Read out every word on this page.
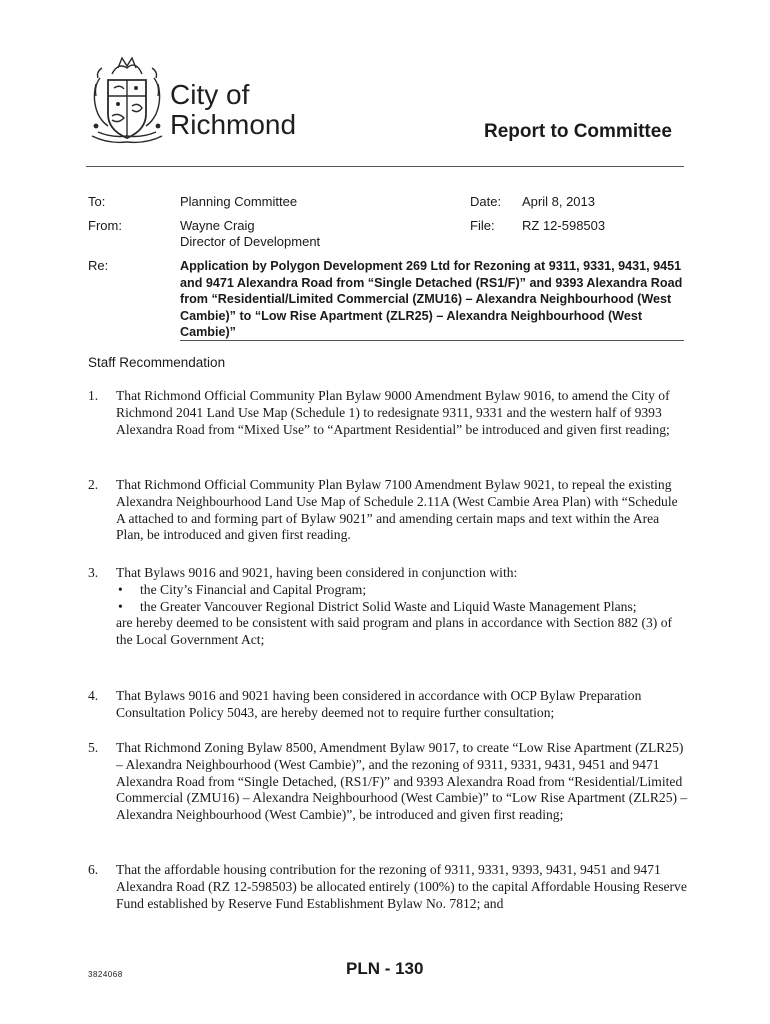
City of
Richmond	Report to Committee
To:	Planning Committee	Date: April 8, 2013
From:	Wayne Craig
Director of Development
File: RZ 12-598503
Re:	Application by Polygon Development 269 Ltd for Rezoning at 9311, 9331, 9431, 9451 and 9471 Alexandra Road from “Single Detached (RS1/F)” and 9393 Alexandra Road from “Residential/Limited Commercial (ZMU16) – Alexandra Neighbourhood (West Cambie)” to “Low Rise Apartment (ZLR25) – Alexandra Neighbourhood (West Cambie)”
Staff Recommendation
1.	That Richmond Official Community Plan Bylaw 9000 Amendment Bylaw 9016, to amend the City of Richmond 2041 Land Use Map (Schedule 1) to redesignate 9311, 9331 and the western half of 9393 Alexandra Road from “Mixed Use” to “Apartment Residential” be introduced and given first reading;
2.	That Richmond Official Community Plan Bylaw 7100 Amendment Bylaw 9021, to repeal the existing Alexandra Neighbourhood Land Use Map of Schedule 2.11A (West Cambie Area Plan) with “Schedule A attached to and forming part of Bylaw 9021” and amending certain maps and text within the Area Plan, be introduced and given first reading.
3.	That Bylaws 9016 and 9021, having been considered in conjunction with:
• the City’s Financial and Capital Program;
• the Greater Vancouver Regional District Solid Waste and Liquid Waste Management Plans;
are hereby deemed to be consistent with said program and plans in accordance with Section 882 (3) of the Local Government Act;
4.	That Bylaws 9016 and 9021 having been considered in accordance with OCP Bylaw Preparation Consultation Policy 5043, are hereby deemed not to require further consultation;
5.	That Richmond Zoning Bylaw 8500, Amendment Bylaw 9017, to create “Low Rise Apartment (ZLR25) – Alexandra Neighbourhood (West Cambie)”, and the rezoning of 9311, 9331, 9431, 9451 and 9471 Alexandra Road from “Single Detached, (RS1/F)” and 9393 Alexandra Road from “Residential/Limited Commercial (ZMU16) – Alexandra Neighbourhood (West Cambie)” to “Low Rise Apartment (ZLR25) – Alexandra Neighbourhood (West Cambie)”, be introduced and given first reading;
6.	That the affordable housing contribution for the rezoning of 9311, 9331, 9393, 9431, 9451 and 9471 Alexandra Road (RZ 12-598503) be allocated entirely (100%) to the capital Affordable Housing Reserve Fund established by Reserve Fund Establishment Bylaw No. 7812; and
3824068	PLN - 130
